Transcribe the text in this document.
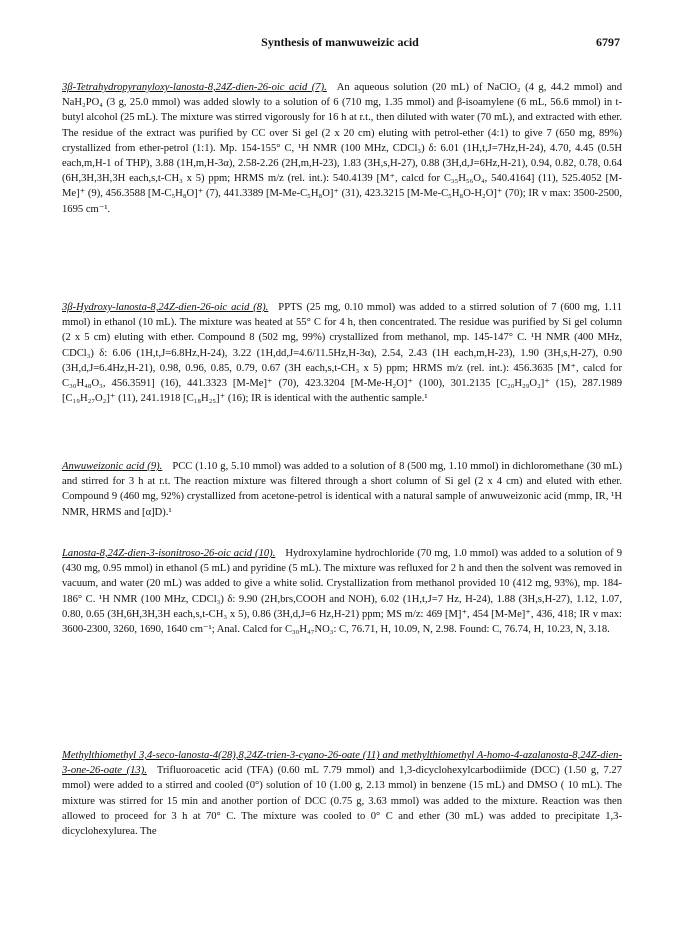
Synthesis of manwuweizic acid	6797

3β-Tetrahydropyranyloxy-lanosta-8,24Z-dien-26-oic acid (7). An aqueous solution (20 mL) of NaClO₂ (4 g, 44.2 mmol) and NaH₂PO₄ (3 g, 25.0 mmol) was added slowly to a solution of 6 (710 mg, 1.35 mmol) and β-isoamylene (6 mL, 56.6 mmol) in t-butyl alcohol (25 mL). The mixture was stirred vigorously for 16 h at r.t., then diluted with water (70 mL), and extracted with ether. The residue of the extract was purified by CC over Si gel (2 x 20 cm) eluting with petrol-ether (4:1) to give 7 (650 mg, 89%) crystallized from ether-petrol (1:1). Mp. 154-155° C, ¹H NMR (100 MHz, CDCl₃) δ: 6.01 (1H,t,J=7Hz,H-24), 4.70, 4.45 (0.5H each,m,H-1 of THP), 3.88 (1H,m,H-3α), 2.58-2.26 (2H,m,H-23), 1.83 (3H,s,H-27), 0.88 (3H,d,J=6Hz,H-21), 0.94, 0.82, 0.78, 0.64 (6H,3H,3H,3H each,s,t-CH₃ x 5) ppm; HRMS m/z (rel. int.): 540.4139 [M⁺, calcd for C₃₅H₅₆O₄, 540.4164] (11), 525.4052 [M-Me]⁺ (9), 456.3588 [M-C₅H₈O]⁺ (7), 441.3389 [M-Me-C₅H₈O]⁺ (31), 423.3215 [M-Me-C₅H₈O-H₂O]⁺ (70); IR v max: 3500-2500, 1695 cm⁻¹.

3β-Hydroxy-lanosta-8,24Z-dien-26-oic acid (8). PPTS (25 mg, 0.10 mmol) was added to a stirred solution of 7 (600 mg, 1.11 mmol) in ethanol (10 mL). The mixture was heated at 55° C for 4 h, then concentrated. The residue was purified by Si gel column (2 x 5 cm) eluting with ether. Compound 8 (502 mg, 99%) crystallized from methanol, mp. 145-147° C. ¹H NMR (400 MHz, CDCl₃) δ: 6.06 (1H,t,J=6.8Hz,H-24), 3.22 (1H,dd,J=4.6/11.5Hz,H-3α), 2.54, 2.43 (1H each,m,H-23), 1.90 (3H,s,H-27), 0.90 (3H,d,J=6.4Hz,H-21), 0.98, 0.96, 0.85, 0.79, 0.67 (3H each,s,t-CH₃ x 5) ppm; HRMS m/z (rel. int.): 456.3635 [M⁺, calcd for C₃₀H₄₈O₃, 456.3591] (16), 441.3323 [M-Me]⁺ (70), 423.3204 [M-Me-H₂O]⁺ (100), 301.2135 [C₂₀H₂₉O₂]⁺ (15), 287.1989 [C₁₉H₂₇O₂]⁺ (11), 241.1918 [C₁₈H₂₅]⁺ (16); IR is identical with the authentic sample.¹

Anwuweizonic acid (9). PCC (1.10 g, 5.10 mmol) was added to a solution of 8 (500 mg, 1.10 mmol) in dichloromethane (30 mL) and stirred for 3 h at r.t. The reaction mixture was filtered through a short column of Si gel (2 x 4 cm) and eluted with ether. Compound 9 (460 mg, 92%) crystallized from acetone-petrol is identical with a natural sample of anwuweizonic acid (mmp, IR, ¹H NMR, HRMS and [α]D).¹

Lanosta-8,24Z-dien-3-isonitroso-26-oic acid (10). Hydroxylamine hydrochloride (70 mg, 1.0 mmol) was added to a solution of 9 (430 mg, 0.95 mmol) in ethanol (5 mL) and pyridine (5 mL). The mixture was refluxed for 2 h and then the solvent was removed in vacuum, and water (20 mL) was added to give a white solid. Crystallization from methanol provided 10 (412 mg, 93%), mp. 184-186° C. ¹H NMR (100 MHz, CDCl₃) δ: 9.90 (2H,brs,COOH and NOH), 6.02 (1H,t,J=7 Hz, H-24), 1.88 (3H,s,H-27), 1.12, 1.07, 0.80, 0.65 (3H,6H,3H,3H each,s,t-CH₃ x 5), 0.86 (3H,d,J=6 Hz,H-21) ppm; MS m/z: 469 [M]⁺, 454 [M-Me]⁺, 436, 418; IR v max: 3600-2300, 3260, 1690, 1640 cm⁻¹; Anal. Calcd for C₃₀H₄₇NO₃: C, 76.71, H, 10.09, N, 2.98. Found: C, 76.74, H, 10.23, N, 3.18.

Methylthiomethyl 3,4-seco-lanosta-4(28),8,24Z-trien-3-cyano-26-oate (11) and methylthiomethyl A-homo-4-azalanosta-8,24Z-dien-3-one-26-oate (13). Trifluoroacetic acid (TFA) (0.60 mL 7.79 mmol) and 1,3-dicyclohexylcarbodiimide (DCC) (1.50 g, 7.27 mmol) were added to a stirred and cooled (0°) solution of 10 (1.00 g, 2.13 mmol) in benzene (15 mL) and DMSO ( 10 mL). The mixture was stirred for 15 min and another portion of DCC (0.75 g, 3.63 mmol) was added to the mixture. Reaction was then allowed to proceed for 3 h at 70° C. The mixture was cooled to 0° C and ether (30 mL) was added to precipitate 1,3-dicyclohexylurea. The
